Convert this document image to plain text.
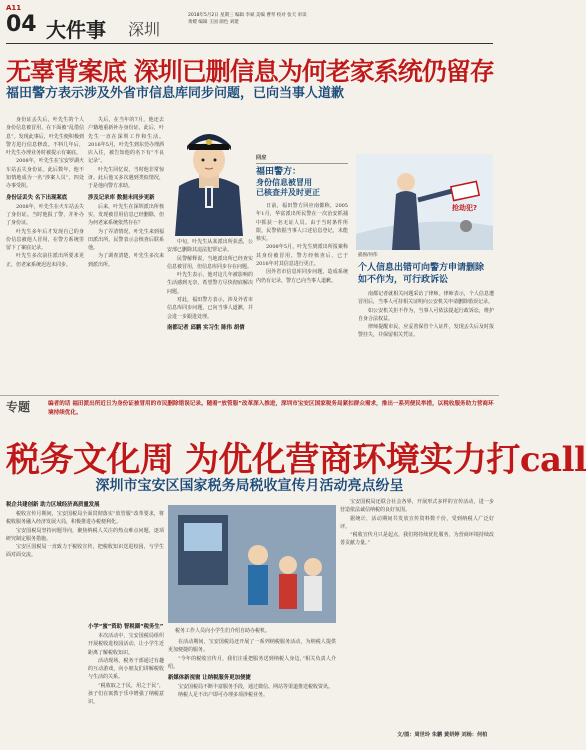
A11
04 大件事 深圳
2018年5月2日 星期三 编辑 李斌 美编 曹琴 校对 张天 审读 黄嫒 编辑 王国 颜色 刘建
无辜背案底 深圳已删信息为何老家系统仍留存
福田警方表示涉及外省市信息库同步问题，已向当事人道歉

身份证丢失后，叶先生的个人身份信息被冒用，在下面被“乱借信息”。发现此事后，叶先生便积极到警方进行信息修改。不料几年后，叶先生办理业务时被提示有案底。

2008年，叶先生在宝安罗湖火车站丢失身份证。此后数年，他不知情地成为一名“涉案人员”，四处办事受阻。

身份证丢失 名下出现案底

2008年，叶先生在火车站丢失了身份证。当时他报了警，并补办了身份证。

叶先生多年后才发现自己的身份信息被他人冒用，在警方系统里留下了案底记录。

叶先生多次前往派出所要求更正，但老家系统迟迟未同步。

失后，在当年的7月，他还去户籍地重新补办身份证，此后，叶先生一直在深圳工作和生活。2016年5月，叶先生到东莞办理酒店入住，被告知他的名下有“不良记录”。

叶先生回忆说，当时他非常惊讶。此后他又多次遇到类似情况，于是他向警方求助。

涉及记录库 数据未同步更新

后来，叶先生在深圳派出所核实，发现被冒用信息已经删除，但为何老家系统依然存在？

为了弄清情况，叶先生来到福田派出所，民警表示会核查后联系他。

为了调查清楚，叶先生多次来到派出所。

中旬，叶先生从某派出所获悉，公安部已删除其违法犯罪记录。

民警解释说，当地派出所已经查实信息被冒用，但信息库同步存在问题。

叶先生表示，他对这几年被影响的生活感到无奈，希望警方尽快彻底解决问题。

对此，福田警方表示，涉及外省市信息库同步问题，已向当事人道歉，并会进一步跟进处理。

南都记者 邱鹏 实习生 陈伟 胡倩

回应
福田警方：
身份信息被冒用
已核查并及时更正

日前，福田警方回应南都称，2005年1月，华富派出所民警在一次治安抓捕中抓获一名无证人员。由于当时条件所限，民警依据当事人口述信息登记，未能核实。

2008年5月，叶先生到派出所报案称其身份被冒用。警方经核查后，已于2016年对其信息进行更正。

因外省市信息库同步问题，造成系统内仍有记录，警方已向当事人道歉。

抢劫犯?
插图/何伟
个人信息出错可向警方申请删除
如不作为，可行政诉讼

南都记者就相关问题采访了律师。律师表示，个人信息遭冒用后，当事人可持相关证明向公安机关申请删除错误记录。

如公安机关拒不作为，当事人可依法提起行政诉讼，维护自身合法权益。

律师提醒市民，应妥善保管个人证件，发现丢失后及时报警挂失，并保留相关凭证。

专题	编者的话 福田派出所近日为身份证被冒用的市民删除错误记录。随着“放管服”改革深入推进，深圳市宝安区国家税务局紧扣群众需求，推出一系列便民举措，以税收服务助力营商环境持续优化。
税务文化周 为优化营商环境实力打call
深圳市宝安区国家税务局税收宣传月活动亮点纷呈
税企共建创新 助力区域经济高质量发展

税收宣传月期间，宝安国税局全面贯彻落实“放管服”改革要求，将税收服务融入经济发展大局，积极推进办税便利化。

宝安国税局坚持问题导向，聚焦纳税人关注的热点难点问题，逐项研究制定服务措施。

宝安区国税局一直致力于税收宣传，把税收知识送进校园，与学生面对面交流。

小学“蜜”资助 智税圈“税务生”

本次活动中，宝安国税局组织开展税收进校园活动，让小学生近距离了解税收知识。

活动现场，税务干部通过有趣的互动游戏，向小朋友们讲解税收与生活的关系。

“税收取之于民，用之于民”，孩子们在寓教于乐中增强了纳税意识。

税务工作人员向小学生们介绍自助办税机。

在活动期间，宝安国税局还开展了一系列纳税服务活动，为纳税人提供更加便捷的服务。

“今年的税收宣传月，我们注重把服务送到纳税人身边，”相关负责人介绍。

新媒体新视窗 让纳税服务更加便捷

宝安国税局不断丰富服务手段，通过微信、网站等渠道推送税收资讯。

纳税人足不出户即可办理多项涉税业务。

宝安国税局还联合社会各界，开展形式多样的宣传活动，进一步营造依法诚信纳税的良好氛围。

据统计，活动期间共发放宣传资料数千份，受到纳税人广泛好评。

“税收宣传月只是起点，我们将持续优化服务，为营商环境持续改善贡献力量。”

文/图：周世玲 朱鹏 黄妍婷 刘杨：何柏
